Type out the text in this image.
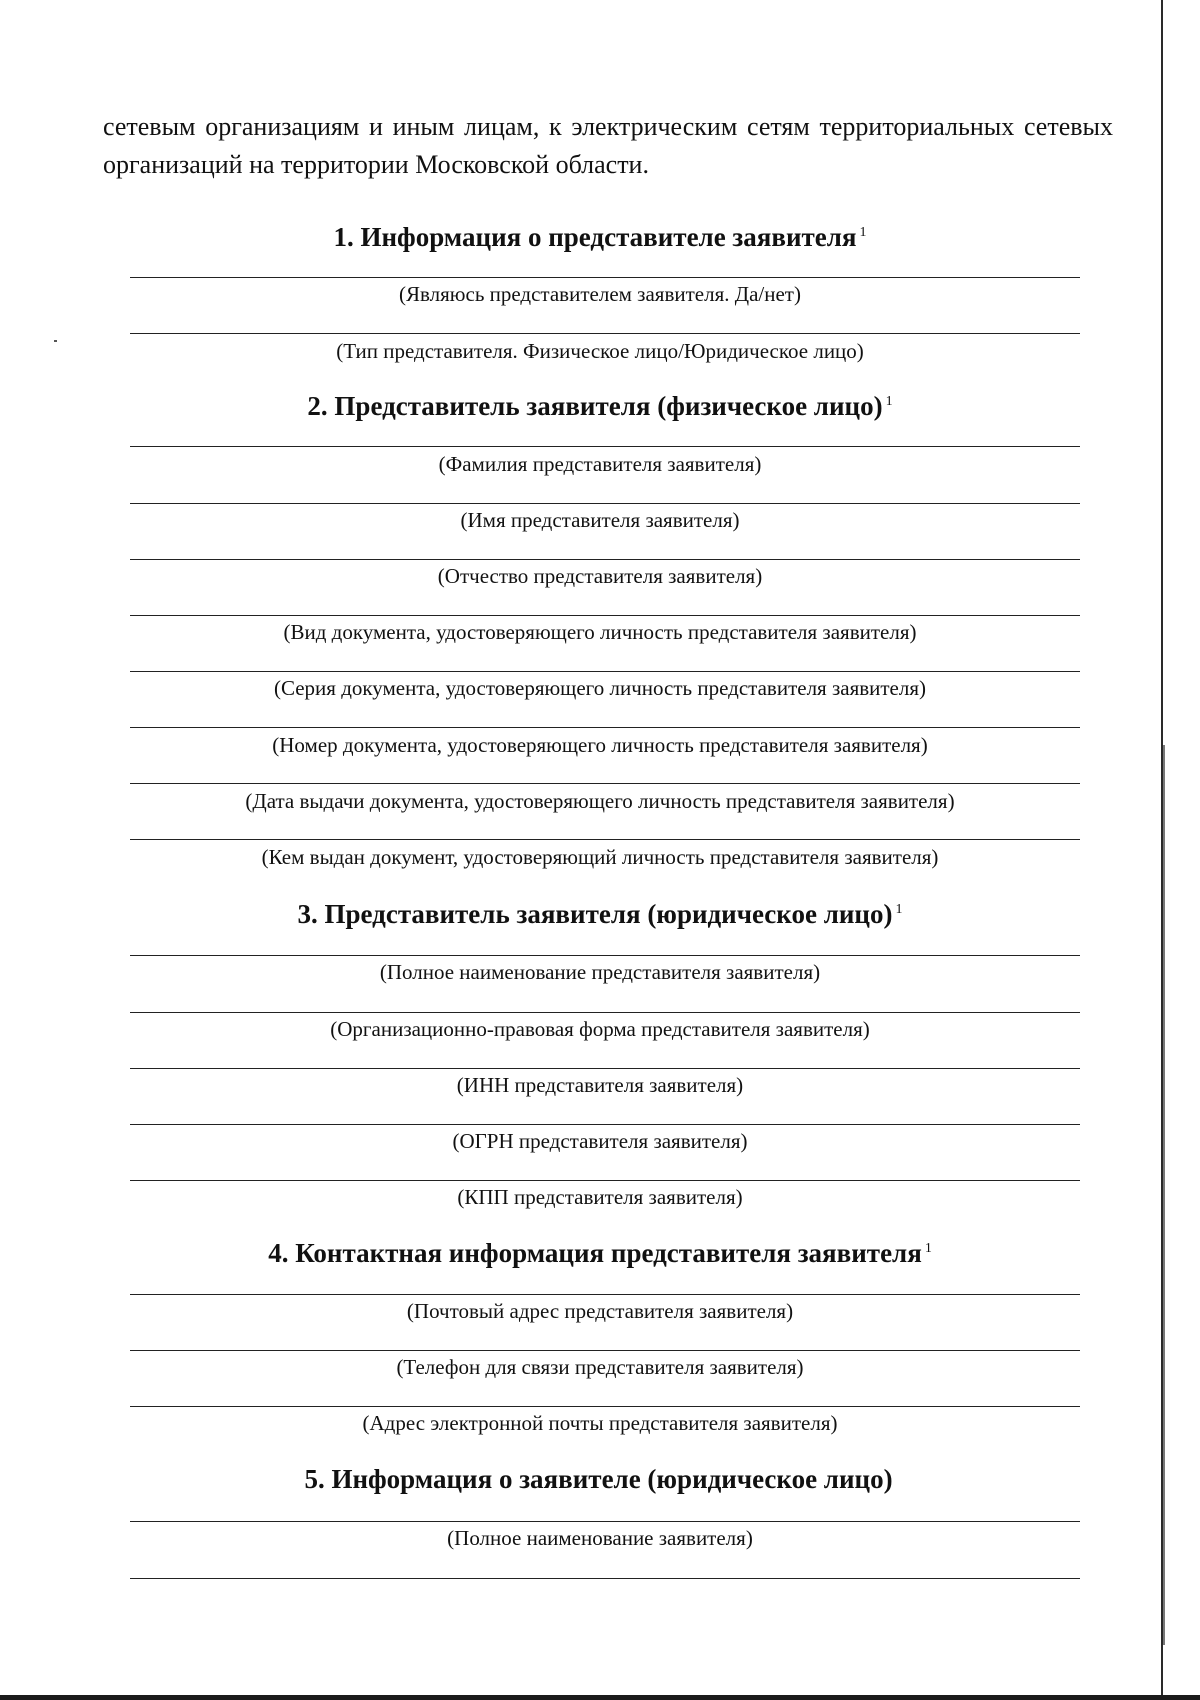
сетевым организациям и иным лицам, к электрическим сетям территориальных сетевых организаций на территории Московской области.
1. Информация о представителе заявителя $^1$
(Являюсь представителем заявителя. Да/нет)
(Тип представителя. Физическое лицо/Юридическое лицо)
2. Представитель заявителя (физическое лицо) $^1$
(Фамилия представителя заявителя)
(Имя представителя заявителя)
(Отчество представителя заявителя)
(Вид документа, удостоверяющего личность представителя заявителя)
(Серия документа, удостоверяющего личность представителя заявителя)
(Номер документа, удостоверяющего личность представителя заявителя)
(Дата выдачи документа, удостоверяющего личность представителя заявителя)
(Кем выдан документ, удостоверяющий личность представителя заявителя)
3. Представитель заявителя (юридическое лицо) $^1$
(Полное наименование представителя заявителя)
(Организационно-правовая форма представителя заявителя)
(ИНН представителя заявителя)
(ОГРН представителя заявителя)
(КПП представителя заявителя)
4. Контактная информация представителя заявителя $^1$
(Почтовый адрес представителя заявителя)
(Телефон для связи представителя заявителя)
(Адрес электронной почты представителя заявителя)
5. Информация о заявителе (юридическое лицо)
(Полное наименование заявителя)
